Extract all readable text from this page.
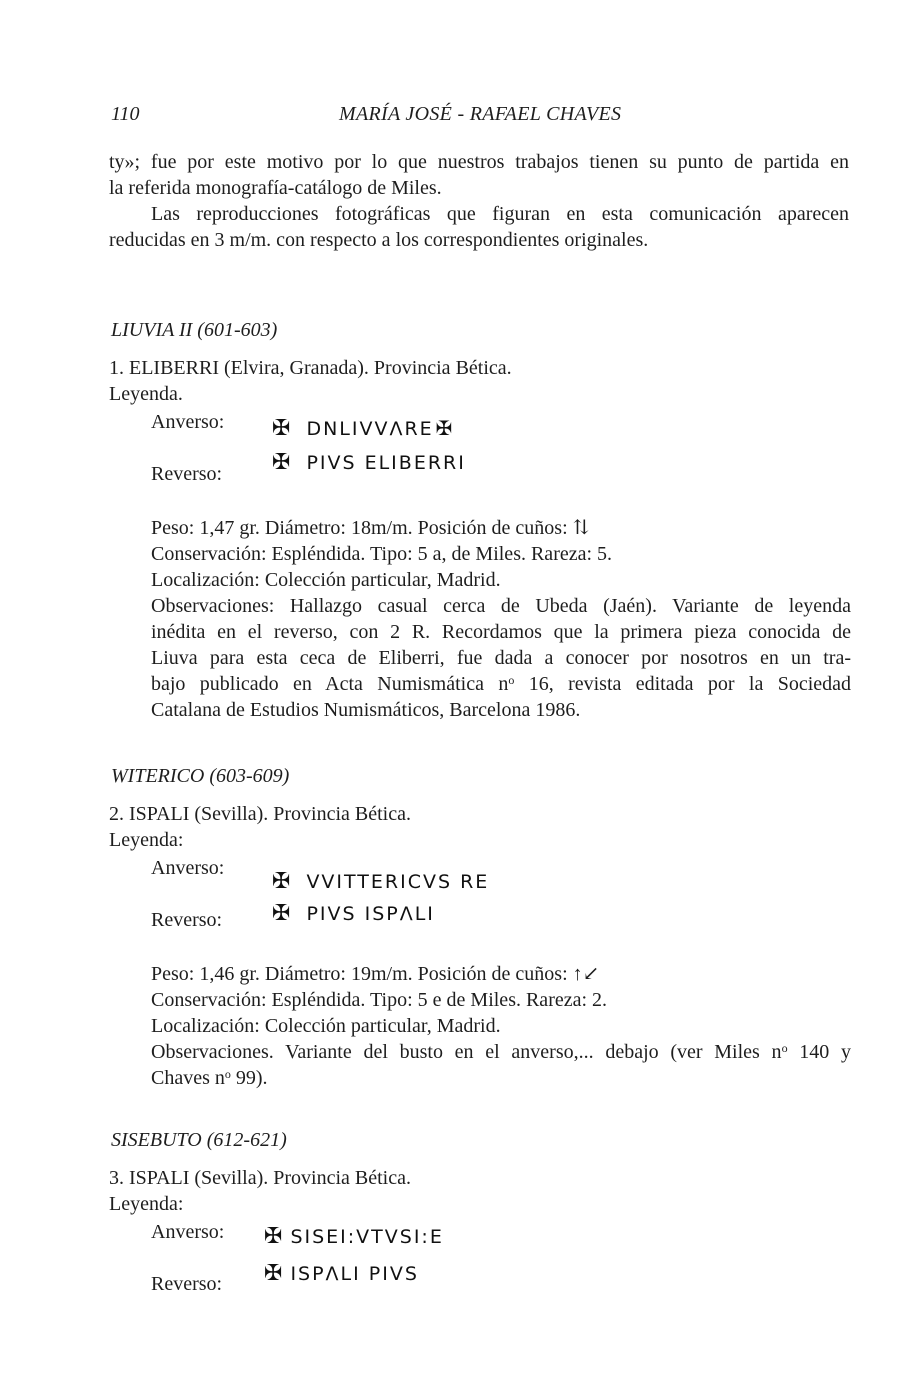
110	MARÍA JOSÉ - RAFAEL CHAVES
ty»; fue por este motivo por lo que nuestros trabajos tienen su punto de partida en
la referida monografía-catálogo de Miles.
Las reproducciones fotográficas que figuran en esta comunicación aparecen
reducidas en 3 m/m. con respecto a los correspondientes originales.
LIUVIA II (601-603)
1. ELIBERRI (Elvira, Granada). Provincia Bética.
Leyenda.
Anverso: ✠ DNLIVVΛRE ✠
Reverso: ✠ PIVS ELIBERRI
Peso: 1,47 gr. Diámetro: 18m/m. Posición de cuños: ⇅
Conservación: Espléndida. Tipo: 5 a, de Miles. Rareza: 5.
Localización: Colección particular, Madrid.
Observaciones: Hallazgo casual cerca de Ubeda (Jaén). Variante de leyenda
inédita en el reverso, con 2 R. Recordamos que la primera pieza conocida de
Liuva para esta ceca de Eliberri, fue dada a conocer por nosotros en un tra-
bajo publicado en Acta Numismática $n^o$ 16, revista editada por la Sociedad
Catalana de Estudios Numismáticos, Barcelona 1986.
WITERICO (603-609)
2. ISPALI (Sevilla). Provincia Bética.
Leyenda:
Anverso:
✠ VVITTERICVS RE
Reverso: ✠ PIVS ISPΛLI
Peso: 1,46 gr. Diámetro: 19m/m. Posición de cuños: ↑↙
Conservación: Espléndida. Tipo: 5 e de Miles. Rareza: 2.
Localización: Colección particular, Madrid.
Observaciones. Variante del busto en el anverso,... debajo (ver Miles $n^o$ 140 y
Chaves $n^o$ 99).
SISEBUTO (612-621)
3. ISPALI (Sevilla). Provincia Bética.
Leyenda:
Anverso: ✠ SISEI:VTVSI:E
Reverso: ✠ ISPΛLI PIVS
